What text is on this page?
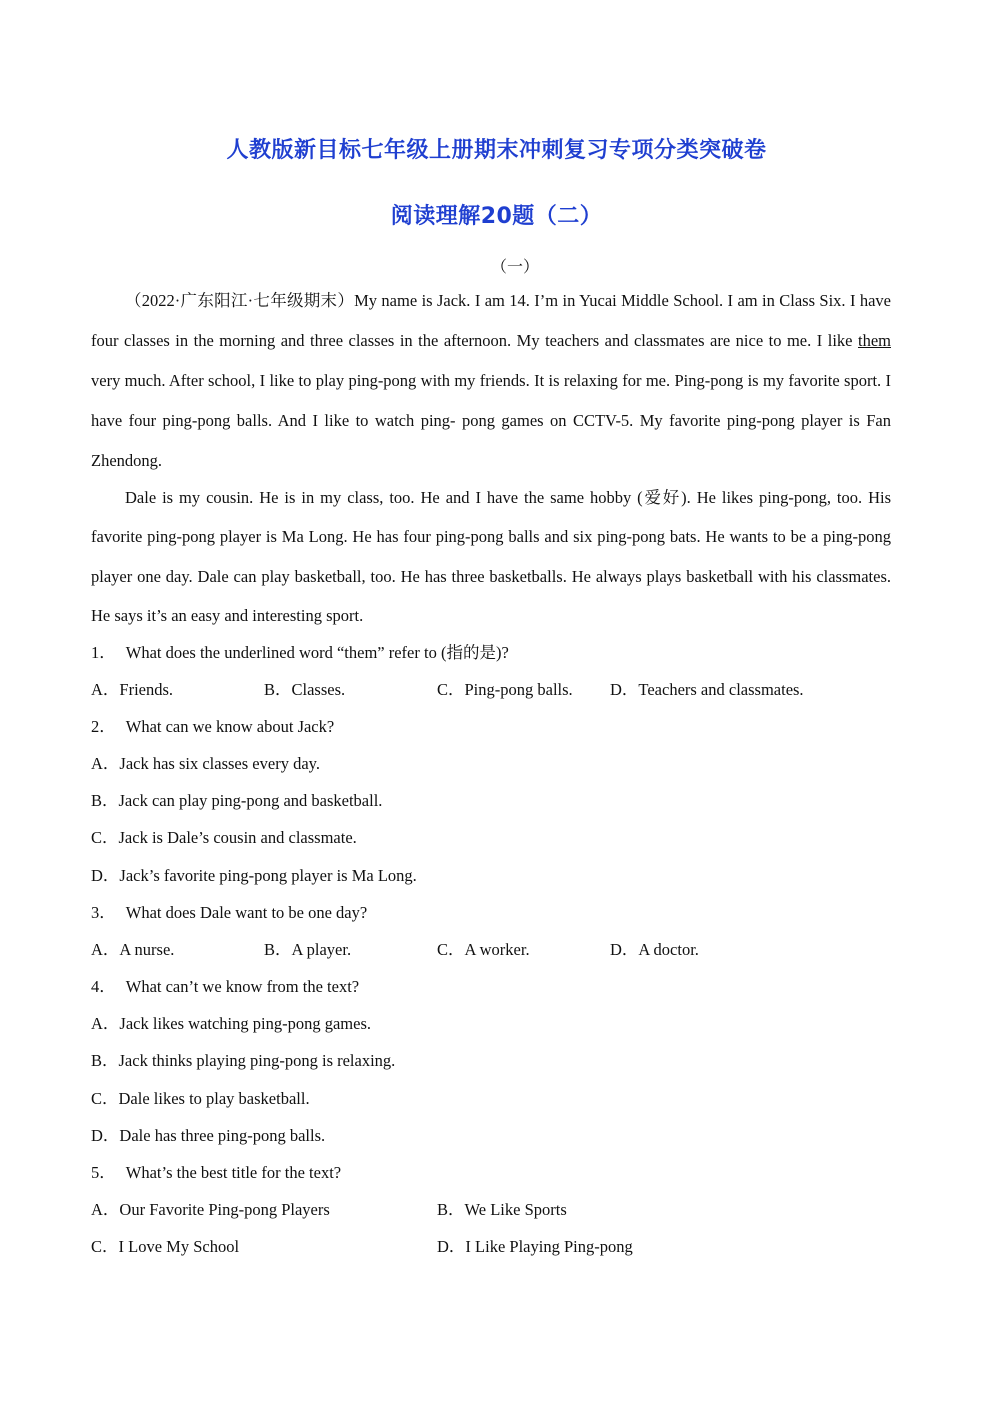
人教版新目标七年级上册期末冲刺复习专项分类突破卷
阅读理解20题（二）
（一）

（2022·广东阳江·七年级期末）My name is Jack. I am 14. I’m in Yucai Middle School. I am in Class Six. I have four classes in the morning and three classes in the afternoon. My teachers and classmates are nice to me. I like them very much. After school, I like to play ping-pong with my friends. It is relaxing for me. Ping-pong is my favorite sport. I have four ping-pong balls. And I like to watch ping- pong games on CCTV-5. My favorite ping-pong player is Fan Zhendong.

Dale is my cousin. He is in my class, too. He and I have the same hobby (爱好). He likes ping-pong, too. His favorite ping-pong player is Ma Long. He has four ping-pong balls and six ping-pong bats. He wants to be a ping-pong player one day. Dale can play basketball, too. He has three basketballs. He always plays basketball with his classmates. He says it’s an easy and interesting sport.

1． What does the underlined word “them” refer to (指的是)?
A．Friends.	B．Classes.	C．Ping-pong balls. D．Teachers and classmates.
2． What can we know about Jack?
A．Jack has six classes every day.
B．Jack can play ping-pong and basketball.
C．Jack is Dale’s cousin and classmate.
D．Jack’s favorite ping-pong player is Ma Long.
3． What does Dale want to be one day?
A．A nurse.	B．A player.	C．A worker.	D．A doctor.
4． What can’t we know from the text?
A．Jack likes watching ping-pong games.
B．Jack thinks playing ping-pong is relaxing.
C．Dale likes to play basketball.
D．Dale has three ping-pong balls.
5． What’s the best title for the text?
A．Our Favorite Ping-pong Players	B．We Like Sports
C．I Love My School	D．I Like Playing Ping-pong
